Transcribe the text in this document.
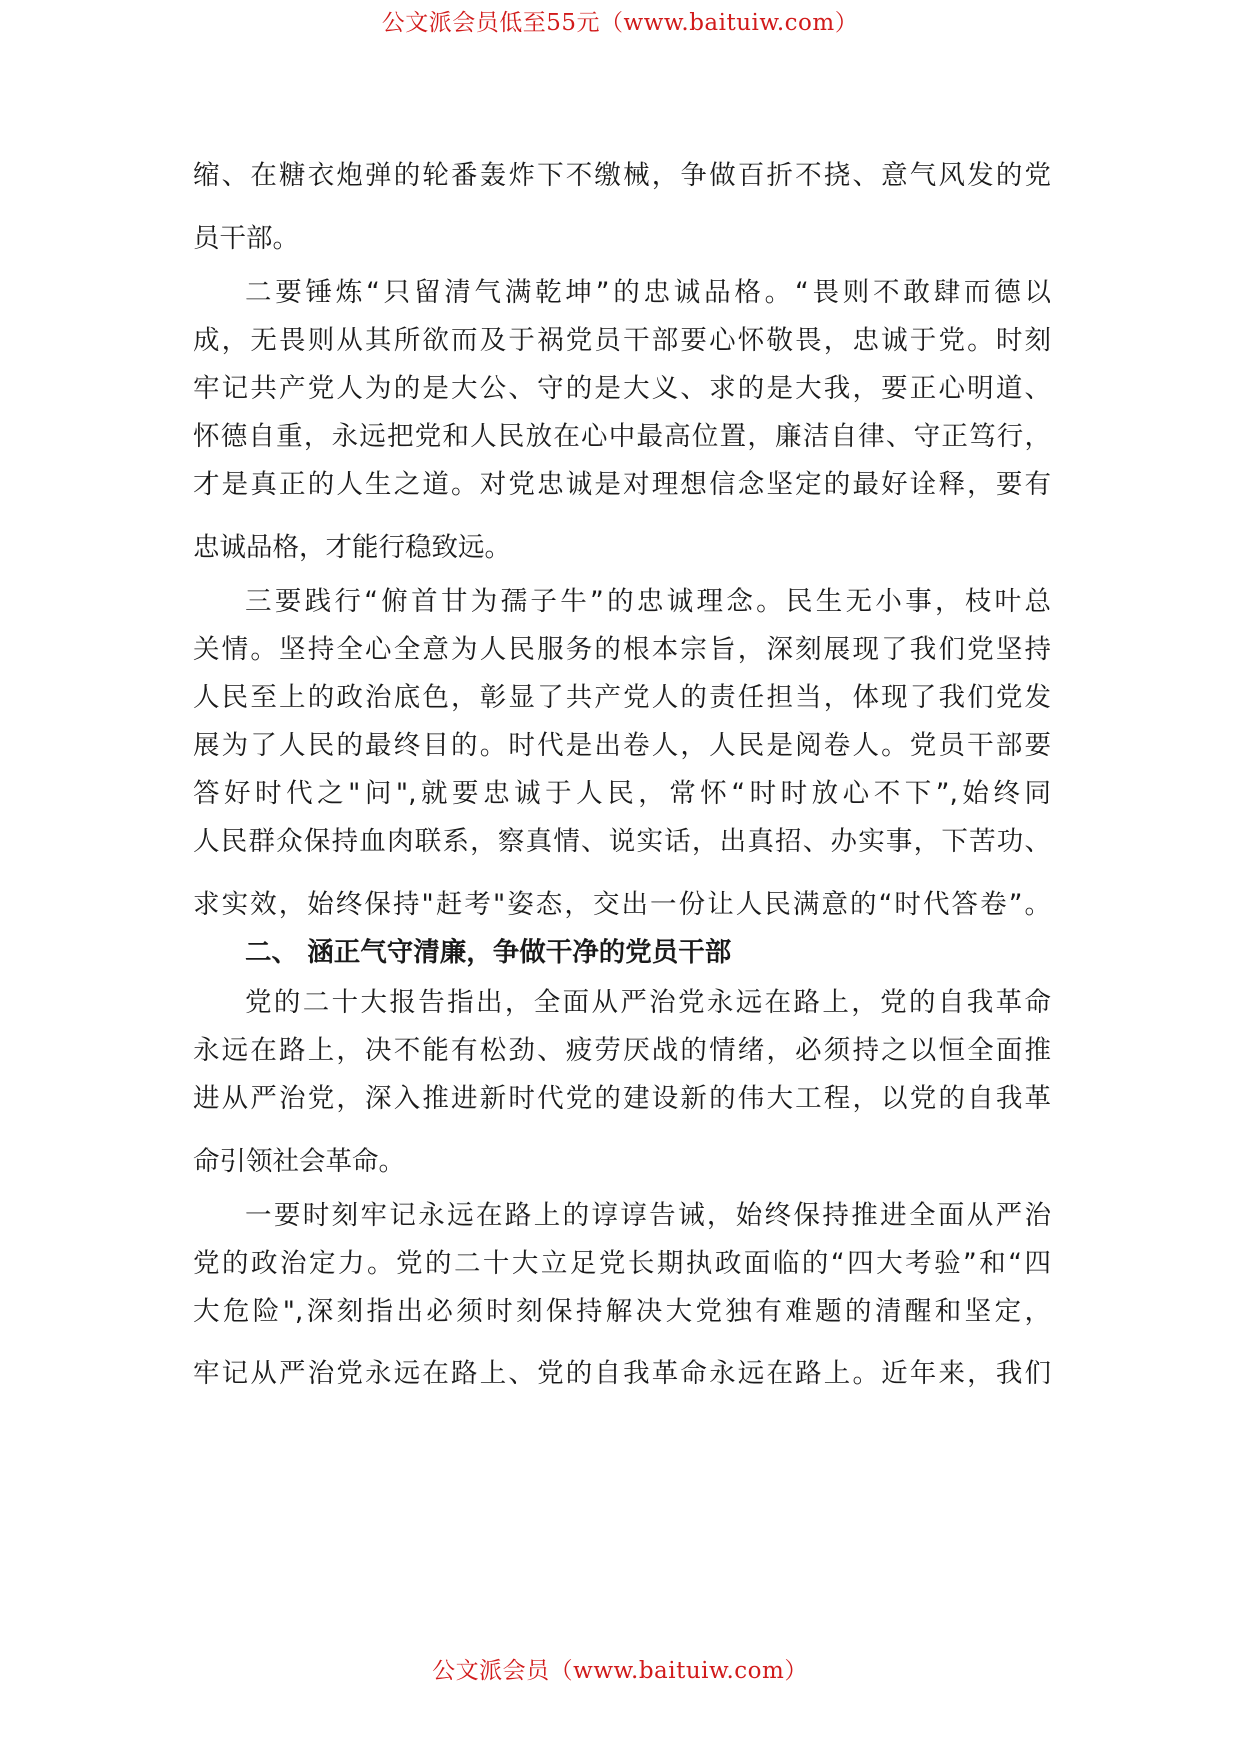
公文派会员低至55元（www.baituiw.com）
缩、在糖衣炮弹的轮番轰炸下不缴械，争做百折不挠、意气风发的党
员干部。
二要锤炼“只留清气满乾坤”的忠诚品格。“畏则不敢肆而德以
成，无畏则从其所欲而及于祸党员干部要心怀敬畏，忠诚于党。时刻
牢记共产党人为的是大公、守的是大义、求的是大我，要正心明道、
怀德自重，永远把党和人民放在心中最高位置，廉洁自律、守正笃行，
才是真正的人生之道。对党忠诚是对理想信念坚定的最好诠释，要有
忠诚品格，才能行稳致远。
三要践行“俯首甘为孺子牛”的忠诚理念。民生无小事，枝叶总
关情。坚持全心全意为人民服务的根本宗旨，深刻展现了我们党坚持
人民至上的政治底色，彰显了共产党人的责任担当，体现了我们党发
展为了人民的最终目的。时代是出卷人，人民是阅卷人。党员干部要
答好时代之"问",就要忠诚于人民，常怀“时时放心不下”,始终同
人民群众保持血肉联系，察真情、说实话，出真招、办实事，下苦功、
求实效，始终保持"赶考"姿态，交出一份让人民满意的“时代答卷”。
二、 涵正气守清廉，争做干净的党员干部
党的二十大报告指出，全面从严治党永远在路上，党的自我革命
永远在路上，决不能有松劲、疲劳厌战的情绪，必须持之以恒全面推
进从严治党，深入推进新时代党的建设新的伟大工程，以党的自我革
命引领社会革命。
一要时刻牢记永远在路上的谆谆告诫，始终保持推进全面从严治
党的政治定力。党的二十大立足党长期执政面临的“四大考验”和“四
大危险",深刻指出必须时刻保持解决大党独有难题的清醒和坚定，
牢记从严治党永远在路上、党的自我革命永远在路上。近年来，我们
公文派会员（www.baituiw.com）
